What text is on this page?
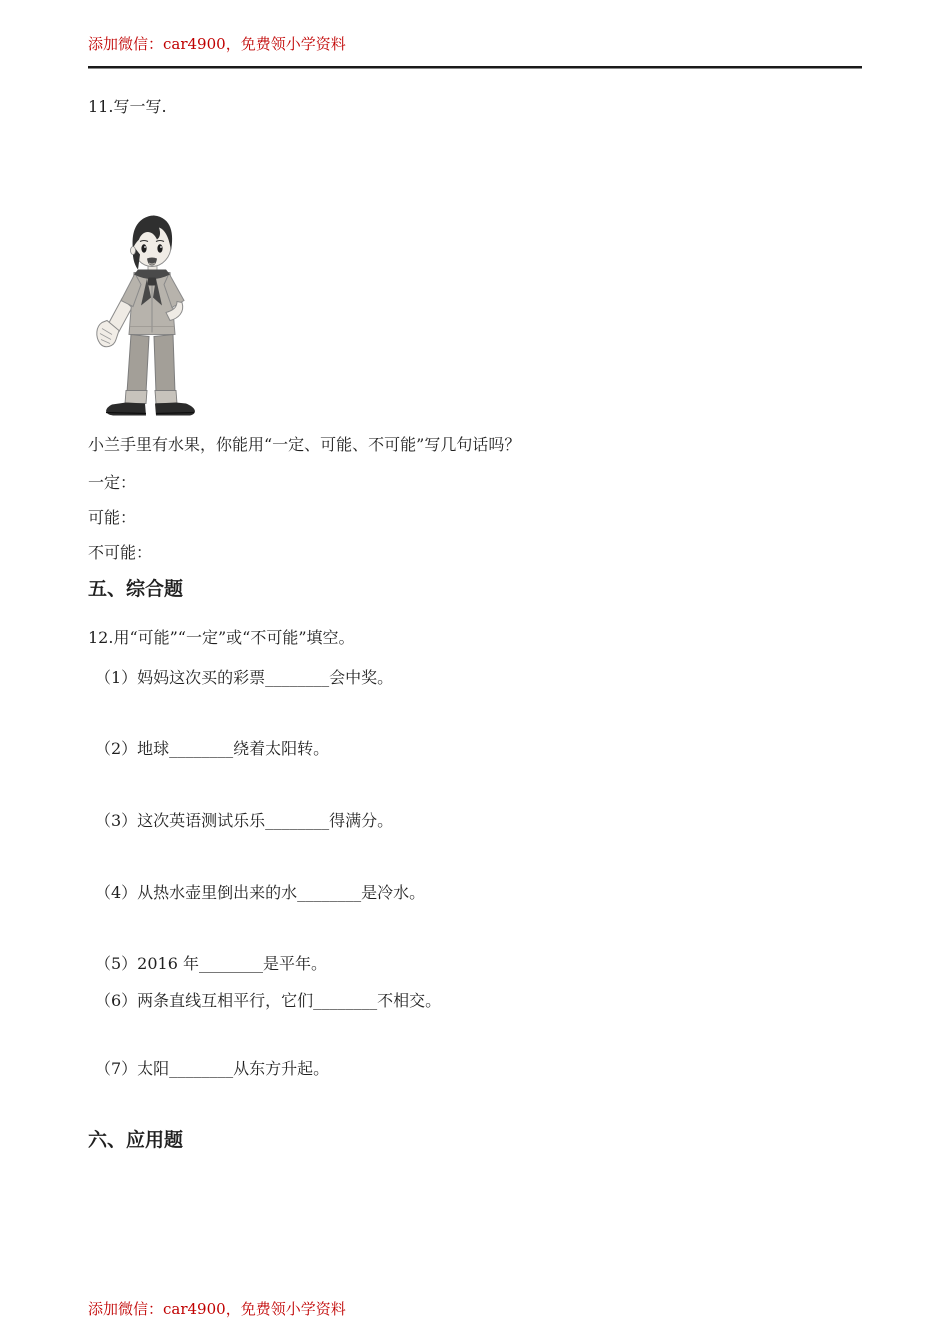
添加微信：car4900，免费领小学资料
11.写一写.
小兰手里有水果，你能用“一定、可能、不可能”写几句话吗？
一定：
可能：
不可能：
五、综合题
12.用“可能”“一定”或“不可能”填空。
（1）妈妈这次买的彩票________会中奖。
（2）地球________绕着太阳转。
（3）这次英语测试乐乐________得满分。
（4）从热水壶里倒出来的水________是冷水。
（5）2016 年________是平年。
（6）两条直线互相平行，它们________不相交。
（7）太阳________从东方升起。
六、应用题
添加微信：car4900，免费领小学资料
